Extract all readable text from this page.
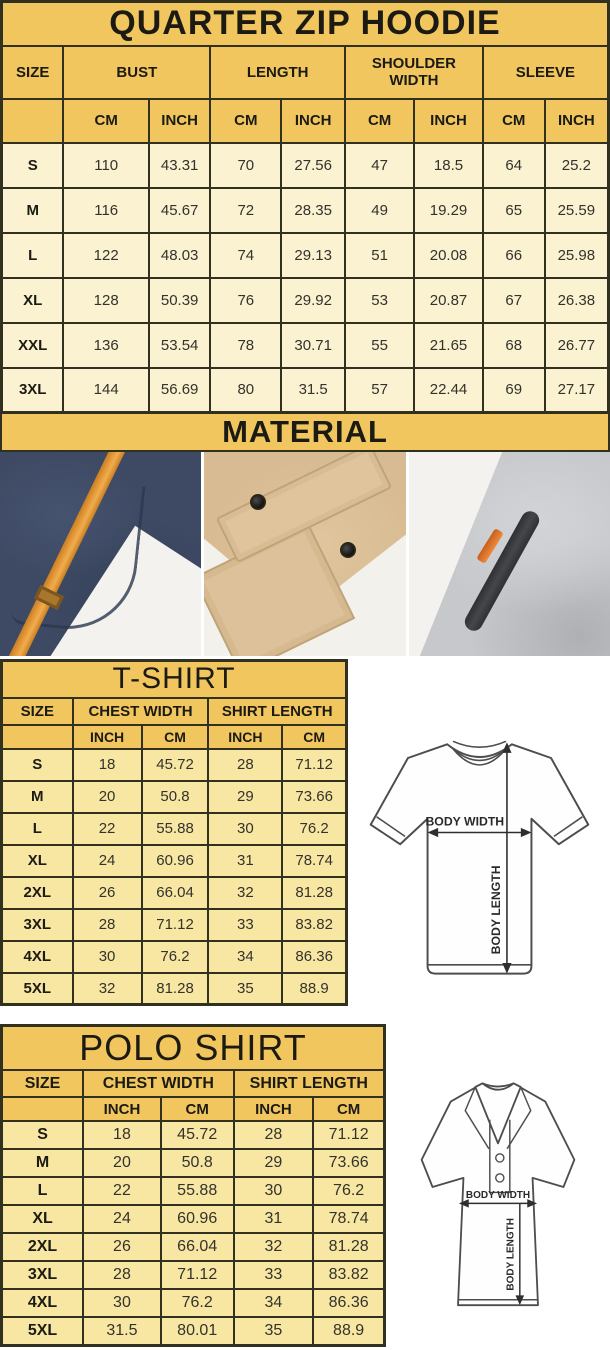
QUARTER ZIP HOODIE								
SIZE	BUST		LENGTH		SHOULDER WIDTH		SLEEVE	
	CM	INCH	CM	INCH	CM	INCH	CM	INCH
S	110	43.31	70	27.56	47	18.5	64	25.2
M	116	45.67	72	28.35	49	19.29	65	25.59
L	122	48.03	74	29.13	51	20.08	66	25.98
XL	128	50.39	76	29.92	53	20.87	67	26.38
XXL	136	53.54	78	30.71	55	21.65	68	26.77
3XL	144	56.69	80	31.5	57	22.44	69	27.17
MATERIAL
T-SHIRT				
SIZE	CHEST WIDTH		SHIRT LENGTH	
	INCH	CM	INCH	CM
S	18	45.72	28	71.12
M	20	50.8	29	73.66
L	22	55.88	30	76.2
XL	24	60.96	31	78.74
2XL	26	66.04	32	81.28
3XL	28	71.12	33	83.82
4XL	30	76.2	34	86.36
5XL	32	81.28	35	88.9
BODY WIDTH
BODY LENGTH
POLO SHIRT				
SIZE	CHEST WIDTH		SHIRT LENGTH	
	INCH	CM	INCH	CM
S	18	45.72	28	71.12
M	20	50.8	29	73.66
L	22	55.88	30	76.2
XL	24	60.96	31	78.74
2XL	26	66.04	32	81.28
3XL	28	71.12	33	83.82
4XL	30	76.2	34	86.36
5XL	31.5	80.01	35	88.9
BODY WIDTH
BODY LENGTH
